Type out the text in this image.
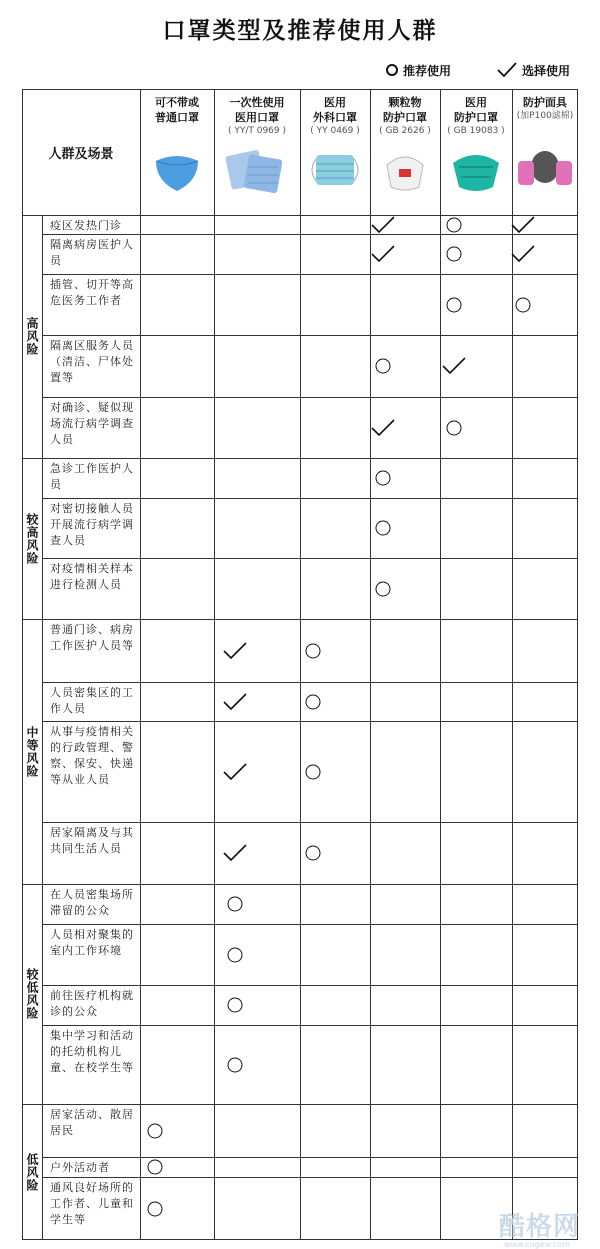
口罩类型及推荐使用人群
推荐使用	选择使用
人群及场景
可不带或
普通口罩
一次性使用
医用口罩
( YY/T 0969 )
医用
外科口罩
( YY 0469 )
颗粒物
防护口罩
( GB 2626 )
医用
防护口罩
( GB 19083 )
防护面具
(加P100滤棉)
高风险
疫区发热门诊
隔离病房医护人员
插管、切开等高危医务工作者
隔离区服务人员（清洁、尸体处置等
对确诊、疑似现场流行病学调查人员
较高风险
急诊工作医护人员
对密切接触人员开展流行病学调查人员
对疫情相关样本进行检测人员
中等风险
普通门诊、病房工作医护人员等
人员密集区的工作人员
从事与疫情相关的行政管理、警察、保安、快递等从业人员
居家隔离及与其共同生活人员
较低风险
在人员密集场所滞留的公众
人员相对聚集的室内工作环境
前往医疗机构就诊的公众
集中学习和活动的托幼机构儿童、在校学生等
低风险
居家活动、散居居民
户外活动者
通风良好场所的工作者、儿童和学生等	酷格网
www.cogew.com
